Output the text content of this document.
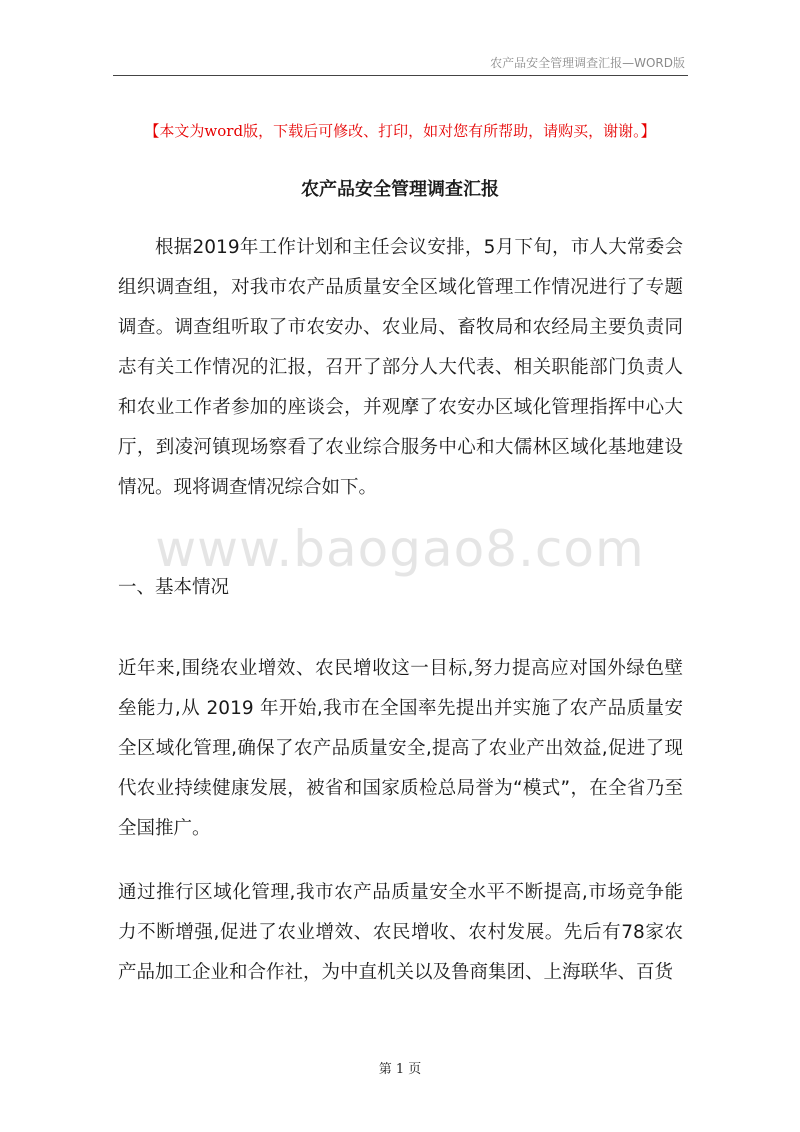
农产品安全管理调查汇报—WORD版
【本文为word版，下载后可修改、打印，如对您有所帮助，请购买，谢谢。】
农产品安全管理调查汇报

根据2019年工作计划和主任会议安排，5月下旬，市人大常委会组织调查组，对我市农产品质量安全区域化管理工作情况进行了专题调查。调查组听取了市农安办、农业局、畜牧局和农经局主要负责同志有关工作情况的汇报，召开了部分人大代表、相关职能部门负责人和农业工作者参加的座谈会，并观摩了农安办区域化管理指挥中心大厅，到凌河镇现场察看了农业综合服务中心和大儒林区域化基地建设情况。现将调查情况综合如下。

www.baogao8.com

一、基本情况

近年来,围绕农业增效、农民增收这一目标,努力提高应对国外绿色壁垒能力,从 2019 年开始,我市在全国率先提出并实施了农产品质量安全区域化管理,确保了农产品质量安全,提高了农业产出效益,促进了现代农业持续健康发展，被省和国家质检总局誉为“模式”，在全省乃至全国推广。

通过推行区域化管理,我市农产品质量安全水平不断提高,市场竞争能力不断增强,促进了农业增效、农民增收、农村发展。先后有78家农产品加工企业和合作社，为中直机关以及鲁商集团、上海联华、百货

第 1 页
